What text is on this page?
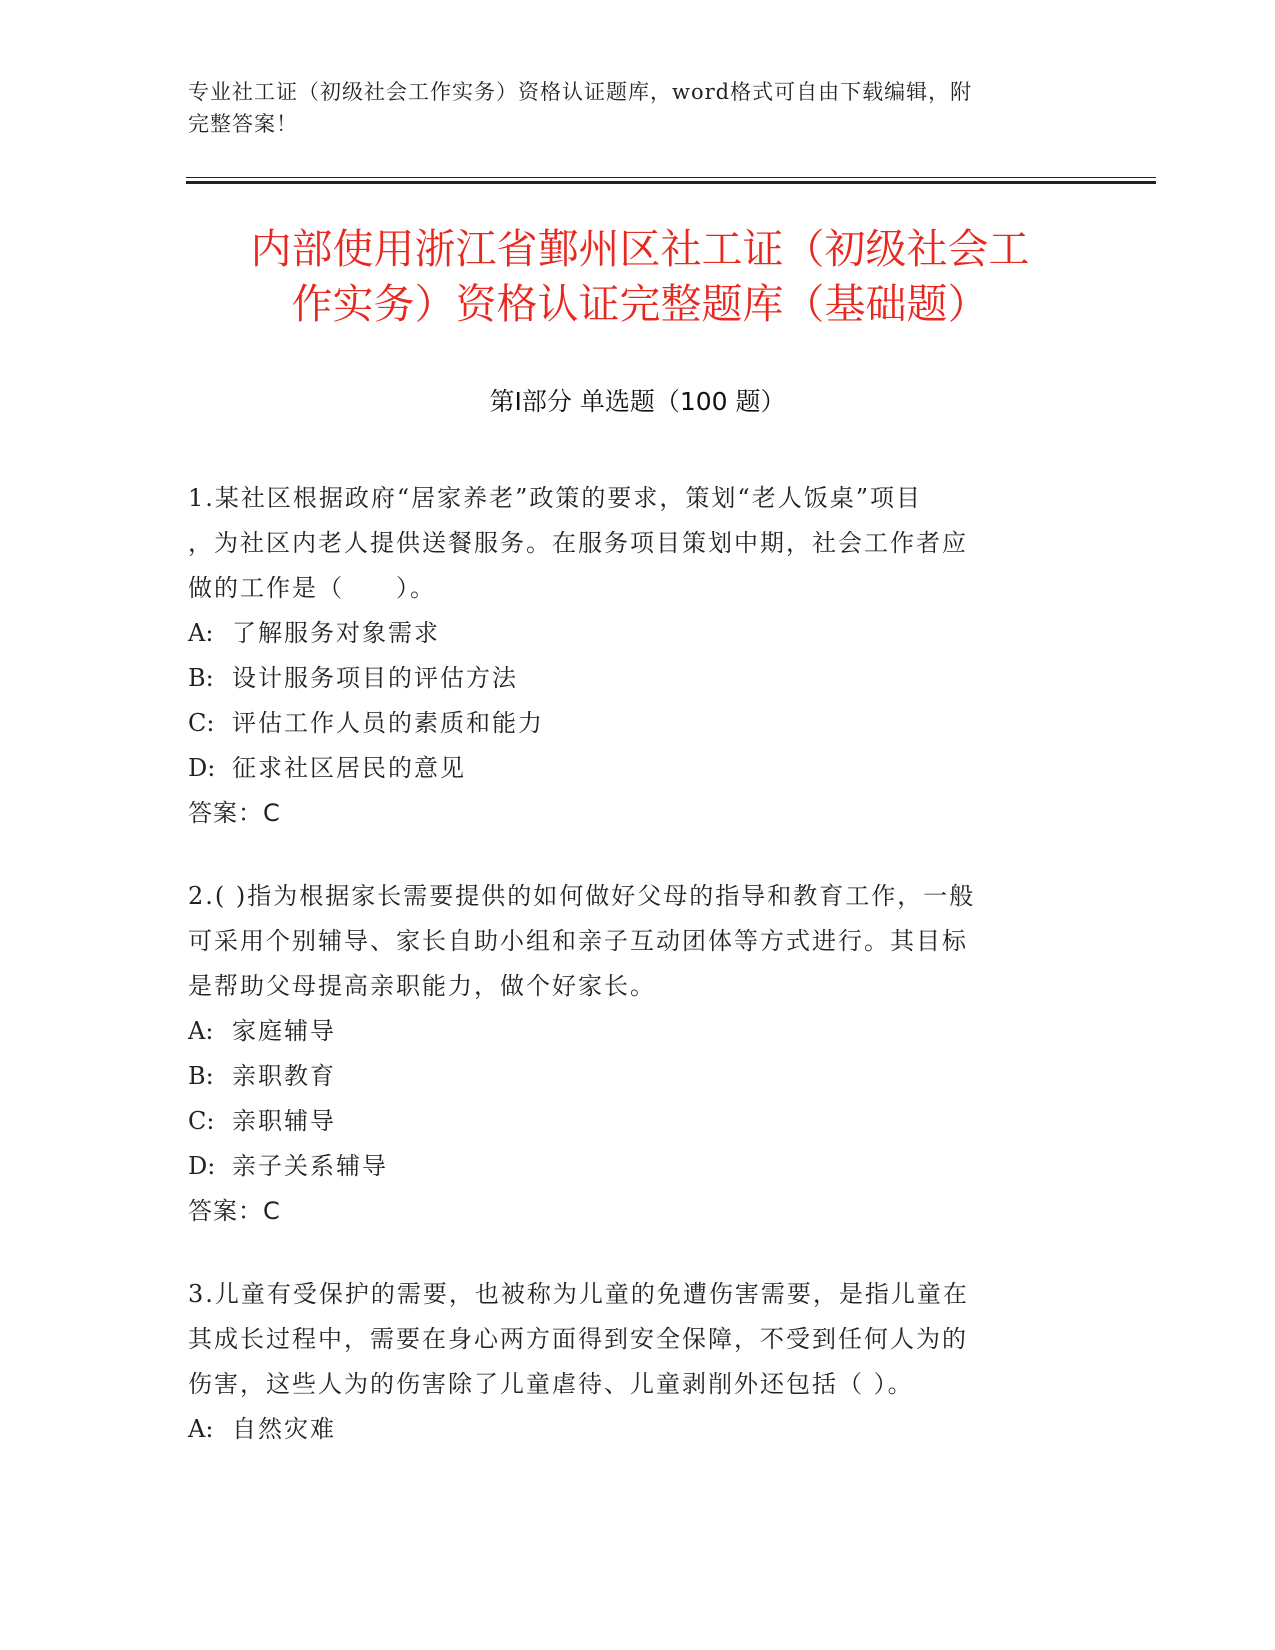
专业社工证（初级社会工作实务）资格认证题库，word格式可自由下载编辑，附
完整答案！
内部使用浙江省鄞州区社工证（初级社会工
作实务）资格认证完整题库（基础题）
第Ⅰ部分 单选题（100 题）
1.某社区根据政府“居家养老”政策的要求，策划“老人饭桌”项目
，为社区内老人提供送餐服务。在服务项目策划中期，社会工作者应
做的工作是（　　）。
A: 了解服务对象需求
B: 设计服务项目的评估方法
C: 评估工作人员的素质和能力
D: 征求社区居民的意见
答案：C
2.( )指为根据家长需要提供的如何做好父母的指导和教育工作，一般
可采用个别辅导、家长自助小组和亲子互动团体等方式进行。其目标
是帮助父母提高亲职能力，做个好家长。
A: 家庭辅导
B: 亲职教育
C: 亲职辅导
D: 亲子关系辅导
答案：C
3.儿童有受保护的需要，也被称为儿童的免遭伤害需要，是指儿童在
其成长过程中，需要在身心两方面得到安全保障，不受到任何人为的
伤害，这些人为的伤害除了儿童虐待、儿童剥削外还包括（ ）。
A: 自然灾难
